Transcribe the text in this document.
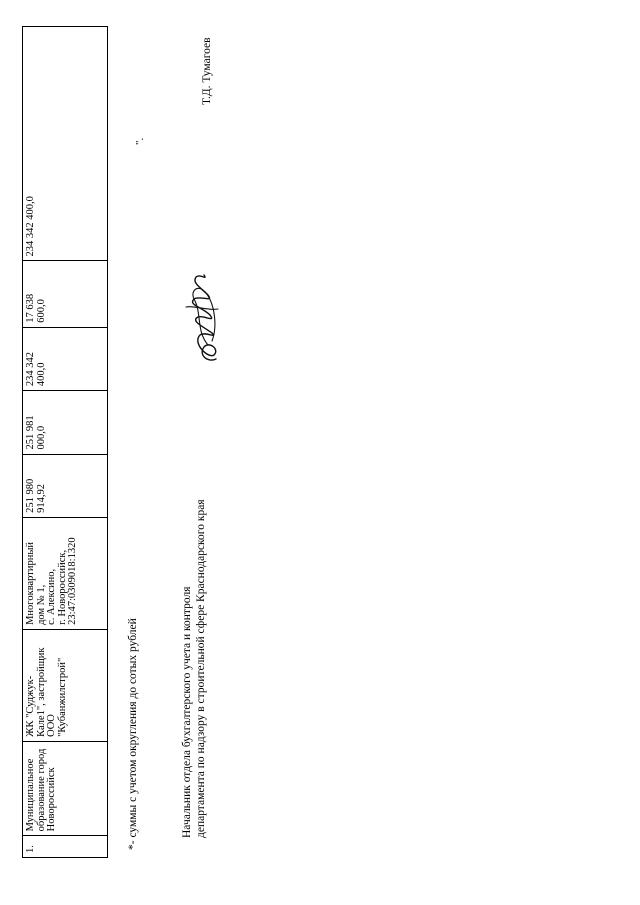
1.
Муниципальное
образование город
Новороссийск
ЖК "Суджук-
Кале1", застройщик
ООО
"Кубанжилстрой"
Многоквартирный
дом № 1,
с. Алексино,
г. Новороссийск,
23:47:0309018:1320
251 980
914,92
251 981
000,0
234 342
400,0
17 638
600,0
234 342 400,0
".
*- суммы с учетом округления до сотых рублей	Начальник отдела бухгалтерского учета и контроля департамента по надзору в строительной сфере Краснодарского края
Т.Д. Тумагоев
